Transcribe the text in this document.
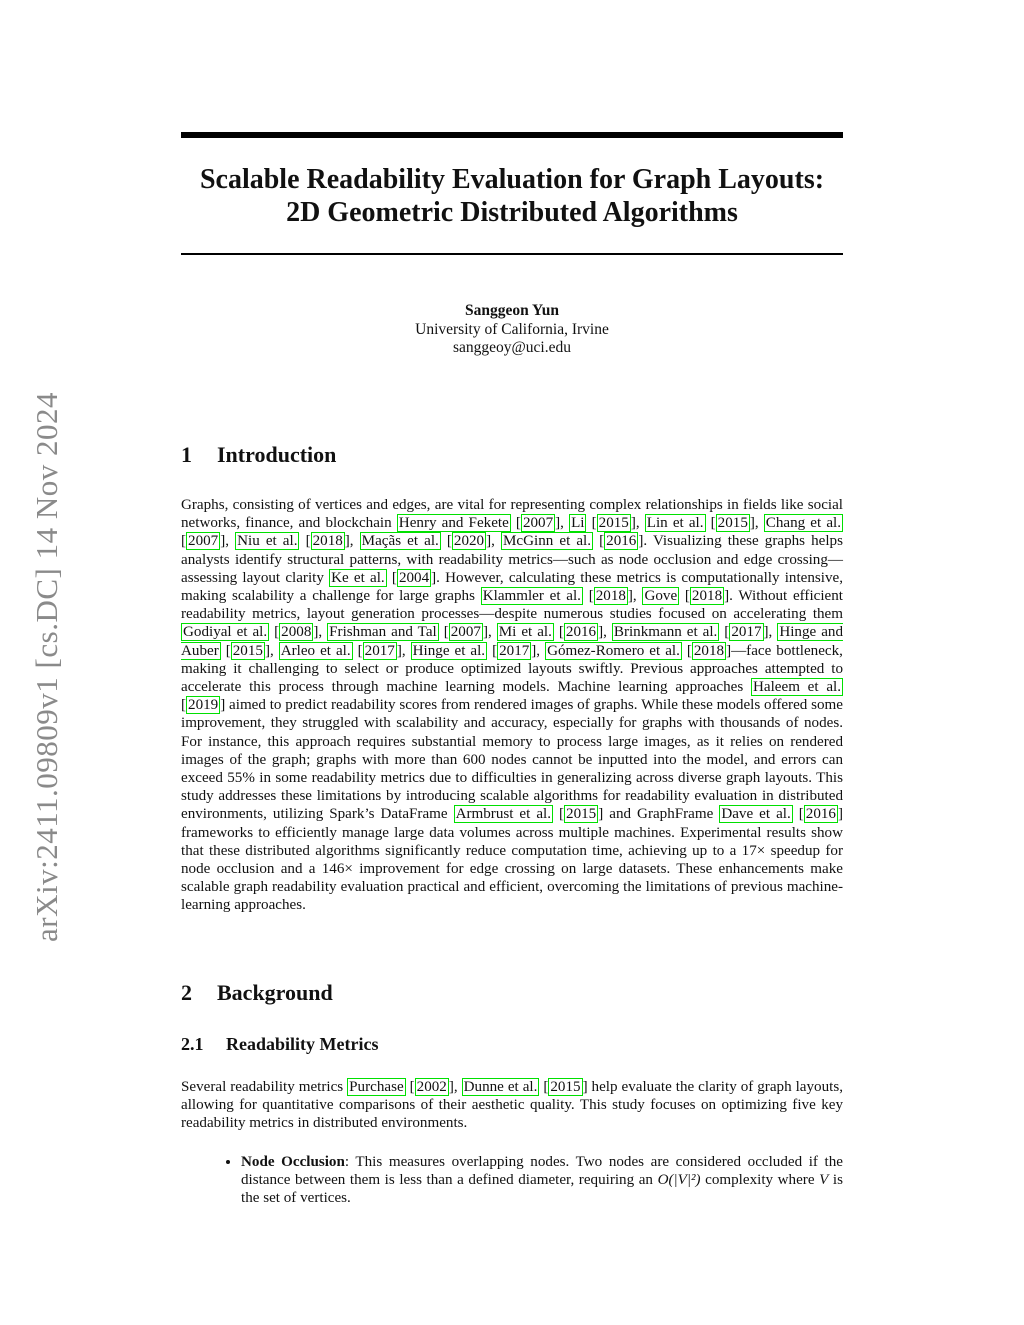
arXiv:2411.09809v1 [cs.DC] 14 Nov 2024
Scalable Readability Evaluation for Graph Layouts:
2D Geometric Distributed Algorithms
Sanggeon Yun
University of California, Irvine
sanggeoy@uci.edu
1 Introduction

Graphs, consisting of vertices and edges, are vital for representing complex relationships in fields like social networks, finance, and blockchain Henry and Fekete [ 2007 ], Li [ 2015 ], Lin et al. [ 2015 ], Chang et al. [ 2007 ], Niu et al. [ 2018 ], Maçãs et al. [ 2020 ], McGinn et al. [ 2016 ]. Visualizing these graphs helps analysts identify structural patterns, with readability metrics—such as node occlusion and edge crossing—assessing layout clarity Ke et al. [ 2004 ]. However, calculating these metrics is computationally intensive, making scalability a challenge for large graphs Klammler et al. [ 2018 ], Gove [ 2018 ]. Without efficient readability metrics, layout generation processes—despite numerous studies focused on accelerating them Godiyal et al. [ 2008 ], Frishman and Tal [ 2007 ], Mi et al. [ 2016 ], Brinkmann et al. [ 2017 ], Hinge and Auber [ 2015 ], Arleo et al. [ 2017 ], Hinge et al. [ 2017 ], Gómez-Romero et al. [ 2018 ]—face bottleneck, making it challenging to select or produce optimized layouts swiftly. Previous approaches attempted to accelerate this process through machine learning models. Machine learning approaches Haleem et al. [ 2019 ] aimed to predict readability scores from rendered images of graphs. While these models offered some improvement, they struggled with scalability and accuracy, especially for graphs with thousands of nodes. For instance, this approach requires substantial memory to process large images, as it relies on rendered images of the graph; graphs with more than 600 nodes cannot be inputted into the model, and errors can exceed 55% in some readability metrics due to difficulties in generalizing across diverse graph layouts. This study addresses these limitations by introducing scalable algorithms for readability evaluation in distributed environments, utilizing Spark’s DataFrame Armbrust et al. [ 2015 ] and GraphFrame Dave et al. [ 2016 ] frameworks to efficiently manage large data volumes across multiple machines. Experimental results show that these distributed algorithms significantly reduce computation time, achieving up to a 17× speedup for node occlusion and a 146× improvement for edge crossing on large datasets. These enhancements make scalable graph readability evaluation practical and efficient, overcoming the limitations of previous machine-learning approaches.

2 Background
2.1 Readability Metrics

Several readability metrics Purchase [ 2002 ], Dunne et al. [ 2015 ] help evaluate the clarity of graph layouts, allowing for quantitative comparisons of their aesthetic quality. This study focuses on optimizing five key readability metrics in distributed environments.

• Node Occlusion: This measures overlapping nodes. Two nodes are considered occluded if the distance between them is less than a defined diameter, requiring an O(|V|²) complexity where V is the set of vertices.
